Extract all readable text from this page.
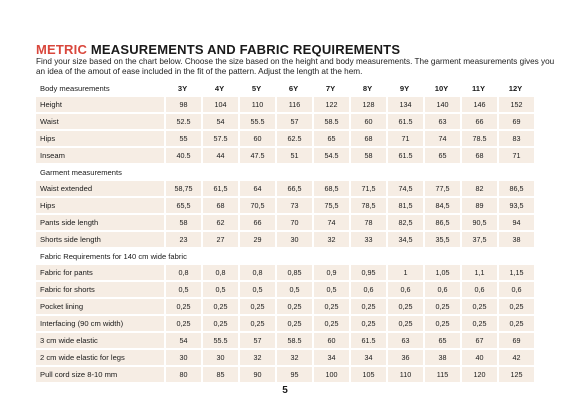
METRIC MEASUREMENTS AND FABRIC REQUIREMENTS
Find your size based on the chart below. Choose the size based on the height and body measurements. The garment measurements gives you an idea of the amout of ease included in the fit of the pattern. Adjust the length at the hem.
Body measurements	3Y	4Y	5Y	6Y	7Y	8Y	9Y	10Y	11Y	12Y
Height	98	104	110	116	122	128	134	140	146	152
Waist	52.5	54	55.5	57	58.5	60	61.5	63	66	69
Hips	55	57.5	60	62.5	65	68	71	74	78.5	83
Inseam	40.5	44	47.5	51	54.5	58	61.5	65	68	71
Garment measurements										
Waist extended	58,75	61,5	64	66,5	68,5	71,5	74,5	77,5	82	86,5
Hips	65,5	68	70,5	73	75,5	78,5	81,5	84,5	89	93,5
Pants side length	58	62	66	70	74	78	82,5	86,5	90,5	94
Shorts side length	23	27	29	30	32	33	34,5	35,5	37,5	38
Fabric Requirements for 140 cm wide fabric										
Fabric for pants	0,8	0,8	0,8	0,85	0,9	0,95	1	1,05	1,1	1,15
Fabric for shorts	0,5	0,5	0,5	0,5	0,5	0,6	0,6	0,6	0,6	0,6
Pocket lining	0,25	0,25	0,25	0,25	0,25	0,25	0,25	0,25	0,25	0,25
Interfacing (90 cm width)	0,25	0,25	0,25	0,25	0,25	0,25	0,25	0,25	0,25	0,25
3 cm wide elastic	54	55.5	57	58.5	60	61.5	63	65	67	69
2 cm wide elastic for legs	30	30	32	32	34	34	36	38	40	42
Pull cord size 8-10 mm	80	85	90	95	100	105	110	115	120	125
5
